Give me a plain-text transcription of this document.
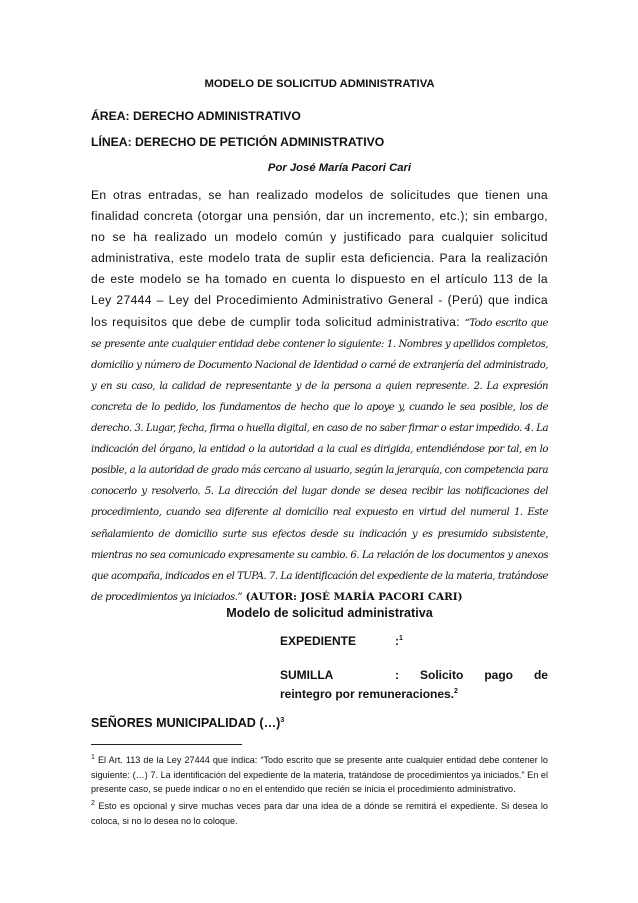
MODELO DE SOLICITUD ADMINISTRATIVA
ÁREA: DERECHO ADMINISTRATIVO
LÍNEA: DERECHO DE PETICIÓN ADMINISTRATIVO
Por José María Pacori Cari
En otras entradas, se han realizado modelos de solicitudes que tienen una finalidad concreta (otorgar una pensión, dar un incremento, etc.); sin embargo, no se ha realizado un modelo común y justificado para cualquier solicitud administrativa, este modelo trata de suplir esta deficiencia. Para la realización de este modelo se ha tomado en cuenta lo dispuesto en el artículo 113 de la Ley 27444 – Ley del Procedimiento Administrativo General - (Perú) que indica los requisitos que debe de cumplir toda solicitud administrativa: “Todo escrito que se presente ante cualquier entidad debe contener lo siguiente: 1. Nombres y apellidos completos, domicilio y número de Documento Nacional de Identidad o carné de extranjería del administrado, y en su caso, la calidad de representante y de la persona a quien represente. 2. La expresión concreta de lo pedido, los fundamentos de hecho que lo apoye y, cuando le sea posible, los de derecho. 3. Lugar, fecha, firma o huella digital, en caso de no saber firmar o estar impedido. 4. La indicación del órgano, la entidad o la autoridad a la cual es dirigida, entendiéndose por tal, en lo posible, a la autoridad de grado más cercano al usuario, según la jerarquía, con competencia para conocerlo y resolverlo. 5. La dirección del lugar donde se desea recibir las notificaciones del procedimiento, cuando sea diferente al domicilio real expuesto en virtud del numeral 1. Este señalamiento de domicilio surte sus efectos desde su indicación y es presumido subsistente, mientras no sea comunicado expresamente su cambio. 6. La relación de los documentos y anexos que acompaña, indicados en el TUPA. 7. La identificación del expediente de la materia, tratándose de procedimientos ya iniciados.” (AUTOR: JOSÉ MARÍA PACORI CARI)
Modelo de solicitud administrativa
EXPEDIENTE	:$^1$
SUMILLA	: Solicito pago de
reintegro por remuneraciones.$^2$
SEÑORES MUNICIPALIDAD (…)$^3$

$^1$ El Art. 113 de la Ley 27444 que indica: “Todo escrito que se presente ante cualquier entidad debe contener lo siguiente: (…) 7. La identificación del expediente de la materia, tratándose de procedimientos ya iniciados.” En el presente caso, se puede indicar o no en el entendido que recién se inicia el procedimiento administrativo.

$^2$ Esto es opcional y sirve muchas veces para dar una idea de a dónde se remitirá el expediente. Si desea lo coloca, si no lo desea no lo coloque.
